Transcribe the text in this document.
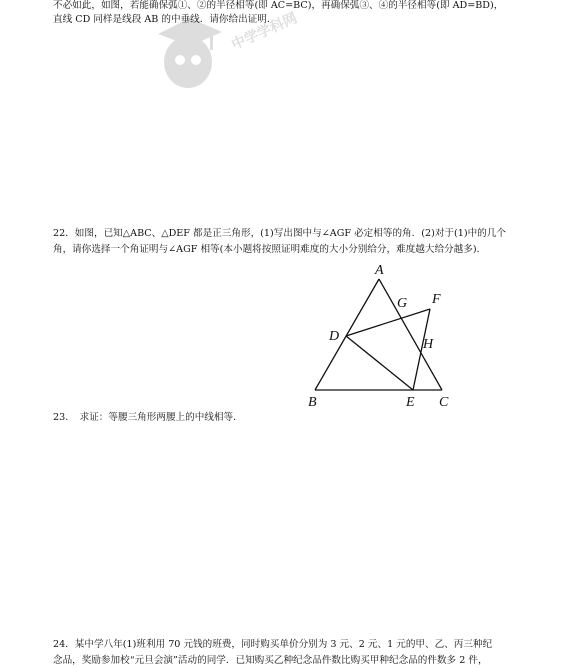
不必如此，如图，若能确保弧①、②的半径相等(即 AC=BC)，再确保弧③、④的半径相等(即 AD=BD)，
直线 CD 同样是线段 AB 的中垂线．请你给出证明．
中学学科网
22．如图，已知△ABC、△DEF 都是正三角形，(1)写出图中与∠AGF 必定相等的角．(2)对于(1)中的几个
角，请你选择一个角证明与∠AGF 相等(本小题将按照证明难度的大小分别给分，难度越大给分越多)．
A
B	C
D
E
F
G
H
23．　求证：等腰三角形两腰上的中线相等．
24．某中学八年(1)班利用 70 元钱的班费，同时购买单价分别为 3 元、2 元、1 元的甲、乙、丙三种纪
念品，奖励参加校“元旦会演”活动的同学．已知购买乙种纪念品件数比购买甲种纪念品的件数多 2 件，
